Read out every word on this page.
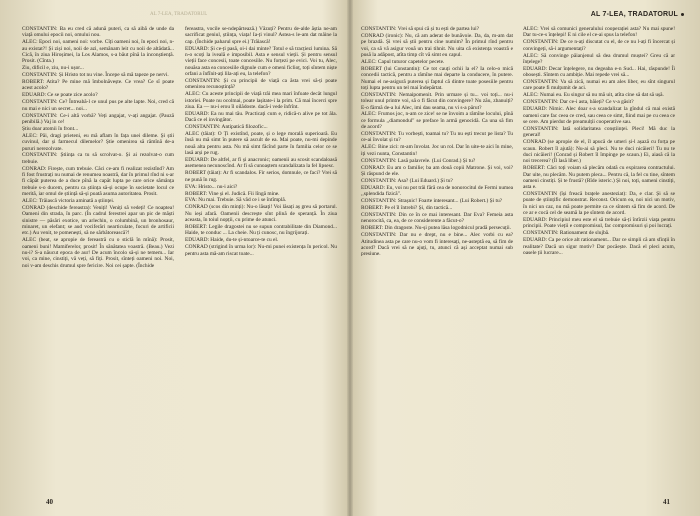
AL 7-LEA, TRADATORUL

CONSTANTIN: Ba eu cred că adună puteri, ca să aibă de unde da viață omului epocii noi, omului nou.

ALEC: Epoci noi, oameni noi: vorbe. Cîți oameni noi, în epoci noi, n-au existat?! Și ziși noi, noii de azi, semănam leit cu noii de altădată... Cică, în ziua Hiroșimei, la Los Alamos, s-a băut pînă la inconștiență. Prosit. (Cînta.)

Ziu, dificil e, ziu, nu-i ușor...

CONSTANTIN: Și Hristo tot nu vine. Începe să mă tapeze pe nervi.

ROBERT: Atita? Pe mine mă îmbolnăvește. Ce vrea? Ce sî poate acest acolo?

EDUARD: Ce se poate zice acolo?

CONSTANTIN: Ce? Întreabă-l ce unul pus pe alte lapte. Noi, cred că nu mai e nici un secret... noi...

CONSTANTIN: Ce-i altă vorbă? Veți angajat, v-ați angajat. (Pauză penibilă.) Vaj in ce!

Știu doar atomii în front...

ALEC: Păi, dragi prieteni, eu mă aflam în fața unei dileme. Și știi cuvinul, dar și farmecul dilemelor? Știe omenirea să rămînă de-a pururi nerezolvate.

CONSTANTIN: Știința ca tu să scrolvat-o. Și ai rezolvat-o cum trebuie.

CONRAD: Firește, cum trebuie. Căci ce-am fi realizat rezistînd? Am fi fost frustrați nu numai de renumea noastră, dar în primul rînd ni s-ar fi căpăt puterea de a duce pînă la capăt lupta pe care orice sămânța trebuie s-o ducem, pentru ca știința să-și ocupe în societate locul ce merită, iar omul de știință să-și poată asuma autoritatea. Prosit.

ALEC: Trăiască victoria aminată a științei.

CONRAD (deschide fereastra): Veniți! Veniți să vedeți! Ce noaptea! Oameni din strada, în parc. (În cadrul ferestrei apar un pic de măști sinistre — păsări exotice, un arlechin, o columbină, un bronhosaur, minaret, un elefant; se aud vociferări nearticulate, focuri de artificii etc.) Au venit, te pomenești, să ne sărbătorească?!

ALEC (beat, se apropie de fereastră cu o sticlă în mînă): Prosit, oameni buni! Mamiferelor, prosit! În sănătatea voastră. (Beau.) Vezi nu-i? S-a năucut epoca de aur! De acum încolo să-și ne temem... Iar voi, ca mine, cinstiți, vă veți, să fiți. Prosit, sînteți oameni noi. Noi, noi v-am deschis drumul spre fericire. Noi cei șapte. (Închide

fereastra, vocile se-ndepărtează.) Văzuți? Pentru de-alde ăștia ne-am sacrificat geniul, știința, viața! Ia-ți vinul? Astea-s le-am dat mâine la cap. (Închide paharul spre ei.) Trăiască!

EDUARD: Și ce-ți pasă, oi-i dai minte? Totul e să tracțiezi lumina. Să n-o scoți la iveală e imposibil. Asta e sensul vieții. Și pentru sensul vieții face concesii, toate concesiile. Nu forțezi pe evici. Voi tu, Alec, nouăsa asta ea concesiile dignule cum e omeni ficlioț, toți sîntem niște orfani a înfînit-ați lila-ați eu, la telefon?

CONSTANTIN: Și cu principii de viață ca ăsta vrei să-ți poate omenirea recunoștință?

ALEC: Cu aceste principii de viață trăi mea mari înfoate decât lungul istoriei. Poate nu ocolmai, poate lașitate-i la prim. Că mai încerci spre ziua. Ea — nu-i erou îl oilădoste. dacă-i vede înfrînt.

EDUARD: Ea nu mai tău. Practicați cum e, ridică-n alive pe tot ăla. Dacă ce el invingător.

CONSTANTIN: Antipatică filozofic...

ALEC (tăiat): O Ți existînd, poate, și o lege morală superioară. Eu însă nu mă simt în putere să ascult de ea. Mai poate, nu-mi depinde nouă alta pentru asta. Nu mă simt făcînd parte în familia celor ce se lasă arși pe rug.

EDUARD: De altfel, ar fi și anacronic; oamenii au scosit scandaloasă asemenea necunoscînd. Ar fi să cunoaștem scandalizata la fel lipsesc.

ROBERT (tăiat): Ar fi scandalos. Fir serios, domnule, ce faci? Vrei să ne pună în rug.

EVA: Hristo... nu-i aici?

ROBERT: Vine și el. Judică. Fii lîngă mine.

EVA: Nu mai. Trebuie. Să văd ce i se întîmplă.

CONRAD (scos din minți): Nu-o lăsați! Voi lăsați aș greu să portarul. Nu ieși afară. Oamenii descrește sînt plină de speranță. În ziua aceasta, în toiul nopții, cu prime de atunci.

ROBERT: Legile dragostei nu se supun contrabilitate din Diamond... Haide, te conduc ... La cheie. Nu ți cunosc, nu îngrijorați.

EDUARD: Haide, du-te și-ntoarce-te cu el.

CONRAD (strigind în urma lor): Nu-mi punei existența în pericol. Nu pentru asta mă-am riscat toate...

40
AL 7-LEA, TRADATORUL

CONSTANTIN: Vrei să spui că și tu ești de partea lui?

CONRAD (ironic): Nu, că am aderat de bunăvoie. Da, da, m-am dat pe brazdă. Și vrei să știi pentru cine numim? În primul rînd pentru voi, ca să vă asigur vouă un trai tihnit. Nu uita că existența voastră e pusă la adăpost, atîta timp cît vă simt eu capul.

ALEC: Capul tuturor capetelor pecete.

ROBERT (lui Constantin): Ce tot cauți ochii la el? Ia celo-o mică concedii tactică, pentru a rămîne mai departe la conducere, în putere. Numai el ne-asigură puterea și faptul că dintre toate posesiile pentru toți lupta pentru un tel mai îndepărtat.

CONSTANTIN: Nemaipomenit. Prin urmare și tu... voi toți... nu-i tolear unul printre voi, să o fi făcut din convingere? Nu zău, zbanuiți? E-o fărmă de-a lui Alec, imi dau seama, nu vi s-a părut?

ALEC: Frumos joc, n-am ce zice! se ne învoim a rămîne locului, pînă ce formula ,,diamondul" se preface în armă genocidă. Ca una să fim de acord?

CONSTANTIN: Tu vorbești, toamai tu? Tu nu ești trecut pe lista? Tu ce-ai învolat și tu?

ALEC: Bine zici: m-am învolat. Joc un rol. Dar în uite-te aici în mine, iți vezi nunta, Constantin!

CONSTANTIN: Lasă palavrele. (Lui Conrad.) Și tu?

CONRAD: Eu am o familie; ba am două copii Matrone. Și voi, voi? Și răspund de ele.

CONSTANTIN: Asa? (Lui Eduard.) Și tu?

EDUARD: Eu, voi nu pot trăi fără cea de nonorocitul de Fermi numea ,,splendida fizică".

CONSTANTIN: Strașnic! Foarte interesant... (Lui Robert.) Și tu?

ROBERT: Pe el îl întrebi? Și, din tactică...

CONSTANTIN: Din ce în ce mai interesant. Dar Eva? Femeia asta nenorocită, ca, ea, de ce considerente a făcut-o?

ROBERT: Din dragoste. Nu-și putea lăsa logodnicul pradă persecuții.

CONSTANTIN: Dar nu e drept, nu e bine... Alec vorbi cu ea? Atitudinea asta pe care nu-o vom fi interesați, ne-asteptă ea, să fim de acord? Dacă vrei să ne ajuți, tu, atunci că ași acceptat numai sub presiune.

ALEC: Vrei să comunici generalului cooperației asta? Nu mai spune! Dar tu-ce-s înțelepi! E ni cile el ce-ai spus la telefon!

CONSTANTIN: De ce n-ați discutat cu el, de ce nu l-ați fi încercat și convingeți, să-i argumentați?

ALEC: Să convinge păianjenul să dea drumul muștei? Greu că ar înțelege?

EDUARD: Decar înțelegere, nu degeaba e-n Sud... Hai, răspunde! Îi obosești. Sîntem cu ambiție. Mai repede vrei să...

CONSTANTIN: Va să zică, numai eu am ales liber, eu sînt singurul care poate fi mulțumit de aci.

ALEC: Numai eu. Eu singur să nu mă uit, atîta cine să dat să ușă.

CONSTANTIN: Dar ce-i asta, băieți? Ce v-a găsit?

EDUARD: Nimic. Alec doar s-a scandalizat la gîndul că mai există oameni care fac ceea ce cred, sau ceea ce simt, fiind mai pe cu ceea ce se cere. Am pierdut de preamulții cooperative sau.

CONSTANTIN: Iată solidaritatea conștiinței. Pleci! Mă duc la general!

CONRAD (se apropie de el, îl apucă de umeri și-l așază cu forța pe scaun. Robert îl ajută): Nu-ai să pleci. Nu te duci nicăieri! Tu nu te duci nicăieri! (Conrad și Robert îl împinge pe scaun.) Ei, aiasă că la noi trecerea? (Îl lasă liber.)

ROBERT: Căci toți voiam să plecăm odată cu expirarea contractului. Dar uite, nu plecăm. Nu putem pleca... Pentru că, la fel cu tine, sîntem oameni cinstiți. Și te frustă? (Rîde isteric.) Și noi, toți, oameni cinstiți, asta e.

CONSTANTIN (își freacă brațele anesteziat): Da, e clar. Și să se poate de științific demonstrat. Reconst. Oricum ea, noi nici un motiv, în nici un caz, nu mă poate permite ca ce sîntem să fim de acord. De ce ar e cocă cel de seamă la pe sîntem de acord.

EDUARD: Principiul meu este el să trebuie să-ți întîrzii viața pentru principii. Poate vieții e compromisul, fac compromisuri și poi lucrați.

CONSTANTIN: Rationament de slujbă.

EDUARD: Ca pe orice alt rationament... Dar ce simpli că am sfinții în realitate? Dacă un sigur motiv? Dar pocăește. Dacă el pleci acum, oasele ții lucrare...

41
